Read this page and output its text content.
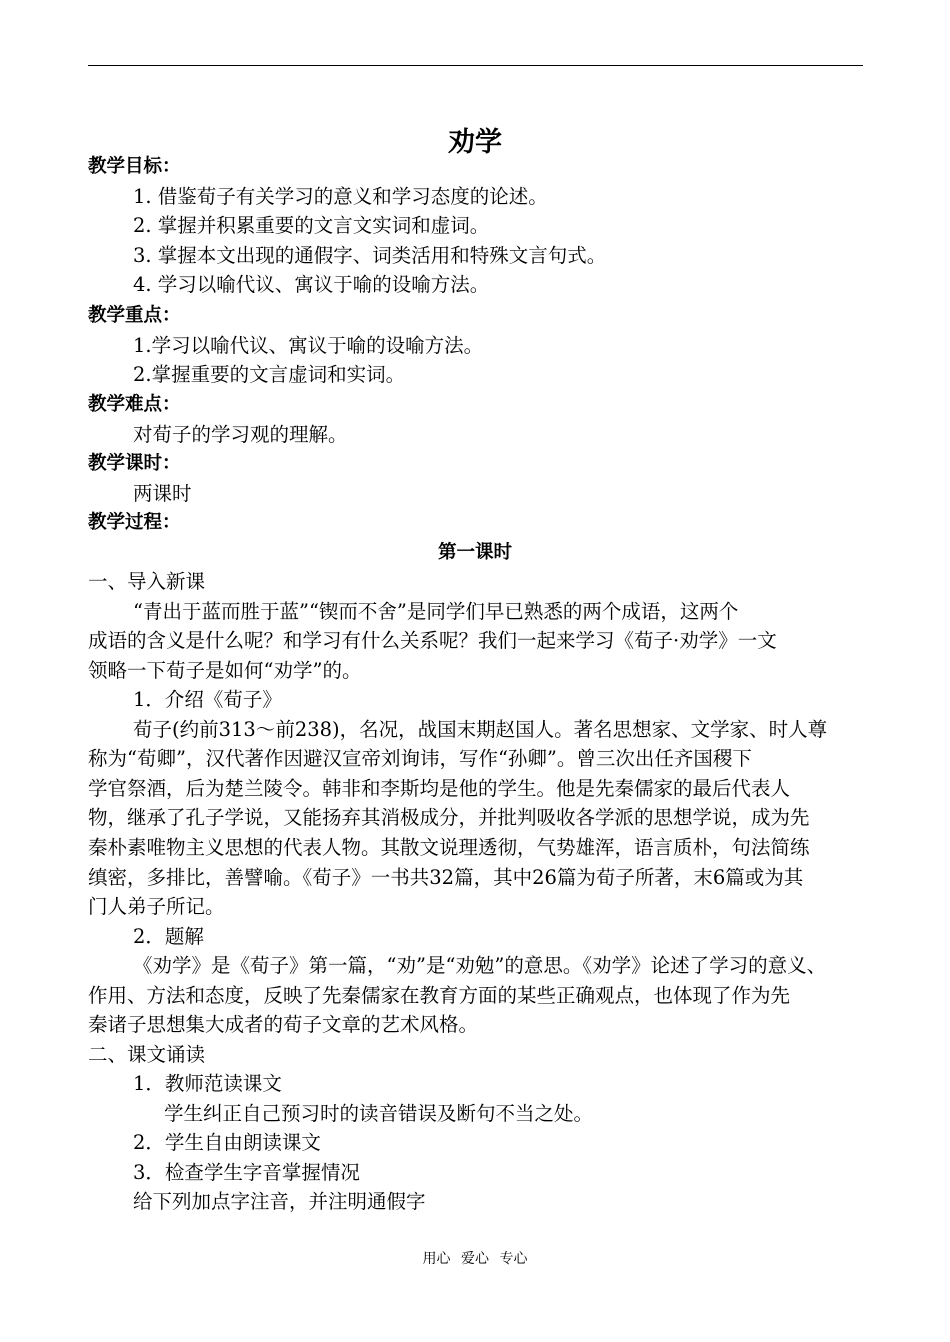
劝学
教学目标：
1. 借鉴荀子有关学习的意义和学习态度的论述。
2. 掌握并积累重要的文言文实词和虚词。
3. 掌握本文出现的通假字、词类活用和特殊文言句式。
4. 学习以喻代议、寓议于喻的设喻方法。
教学重点：
1.学习以喻代议、寓议于喻的设喻方法。
2.掌握重要的文言虚词和实词。
教学难点：
对荀子的学习观的理解。
教学课时：
两课时
教学过程：
第一课时
一、导入新课
“青出于蓝而胜于蓝”“锲而不舍”是同学们早已熟悉的两个成语，这两个
成语的含义是什么呢？和学习有什么关系呢？我们一起来学习《荀子·劝学》一文
领略一下荀子是如何“劝学”的。
1．介绍《荀子》
荀子(约前313～前238)，名况，战国末期赵国人。著名思想家、文学家、时人尊
称为“荀卿”，汉代著作因避汉宣帝刘询讳，写作“孙卿”。曾三次出任齐国稷下
学官祭酒，后为楚兰陵令。韩非和李斯均是他的学生。他是先秦儒家的最后代表人
物，继承了孔子学说，又能扬弃其消极成分，并批判吸收各学派的思想学说，成为先
秦朴素唯物主义思想的代表人物。其散文说理透彻，气势雄浑，语言质朴，句法简练
缜密，多排比，善譬喻。《荀子》一书共32篇，其中26篇为荀子所著，末6篇或为其
门人弟子所记。
2．题解
《劝学》是《荀子》第一篇，“劝”是“劝勉”的意思。《劝学》论述了学习的意义、
作用、方法和态度，反映了先秦儒家在教育方面的某些正确观点，也体现了作为先
秦诸子思想集大成者的荀子文章的艺术风格。
二、课文诵读
1．教师范读课文
学生纠正自己预习时的读音错误及断句不当之处。
2．学生自由朗读课文
3．检查学生字音掌握情况
给下列加点字注音，并注明通假字
用心 爱心 专心
